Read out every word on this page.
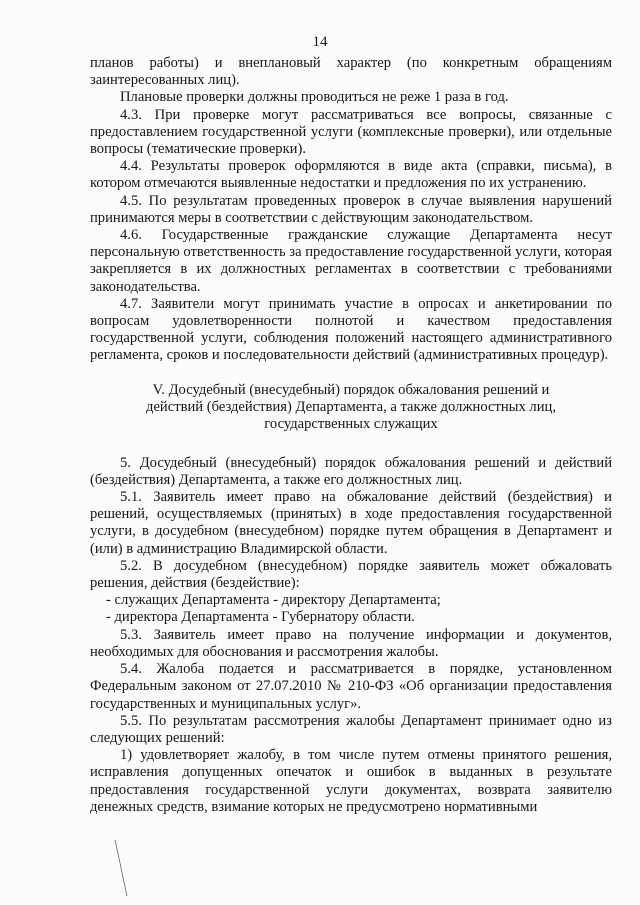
14

планов работы) и внеплановый характер (по конкретным обращениям заинтересованных лиц).

Плановые проверки должны проводиться не реже 1 раза в год.

4.3. При проверке могут рассматриваться все вопросы, связанные с предоставлением государственной услуги (комплексные проверки), или отдельные вопросы (тематические проверки).

4.4. Результаты проверок оформляются в виде акта (справки, письма), в котором отмечаются выявленные недостатки и предложения по их устранению.

4.5. По результатам проведенных проверок в случае выявления нарушений принимаются меры в соответствии с действующим законодательством.

4.6. Государственные гражданские служащие Департамента несут персональную ответственность за предоставление государственной услуги, которая закрепляется в их должностных регламентах в соответствии с требованиями законодательства.

4.7. Заявители могут принимать участие в опросах и анкетировании по вопросам удовлетворенности полнотой и качеством предоставления государственной услуги, соблюдения положений настоящего административного регламента, сроков и последовательности действий (административных процедур).

V. Досудебный (внесудебный) порядок обжалования решений и действий (бездействия) Департамента, а также должностных лиц, государственных служащих

5. Досудебный (внесудебный) порядок обжалования решений и действий (бездействия) Департамента, а также его должностных лиц.

5.1. Заявитель имеет право на обжалование действий (бездействия) и решений, осуществляемых (принятых) в ходе предоставления государственной услуги, в досудебном (внесудебном) порядке путем обращения в Департамент и (или) в администрацию Владимирской области.

5.2. В досудебном (внесудебном) порядке заявитель может обжаловать решения, действия (бездействие):

- служащих Департамента - директору Департамента;

- директора Департамента - Губернатору области.

5.3. Заявитель имеет право на получение информации и документов, необходимых для обоснования и рассмотрения жалобы.

5.4. Жалоба подается и рассматривается в порядке, установленном Федеральным законом от 27.07.2010 № 210-ФЗ «Об организации предоставления государственных и муниципальных услуг».

5.5. По результатам рассмотрения жалобы Департамент принимает одно из следующих решений:

1) удовлетворяет жалобу, в том числе путем отмены принятого решения, исправления допущенных опечаток и ошибок в выданных в результате предоставления государственной услуги документах, возврата заявителю денежных средств, взимание которых не предусмотрено нормативными
